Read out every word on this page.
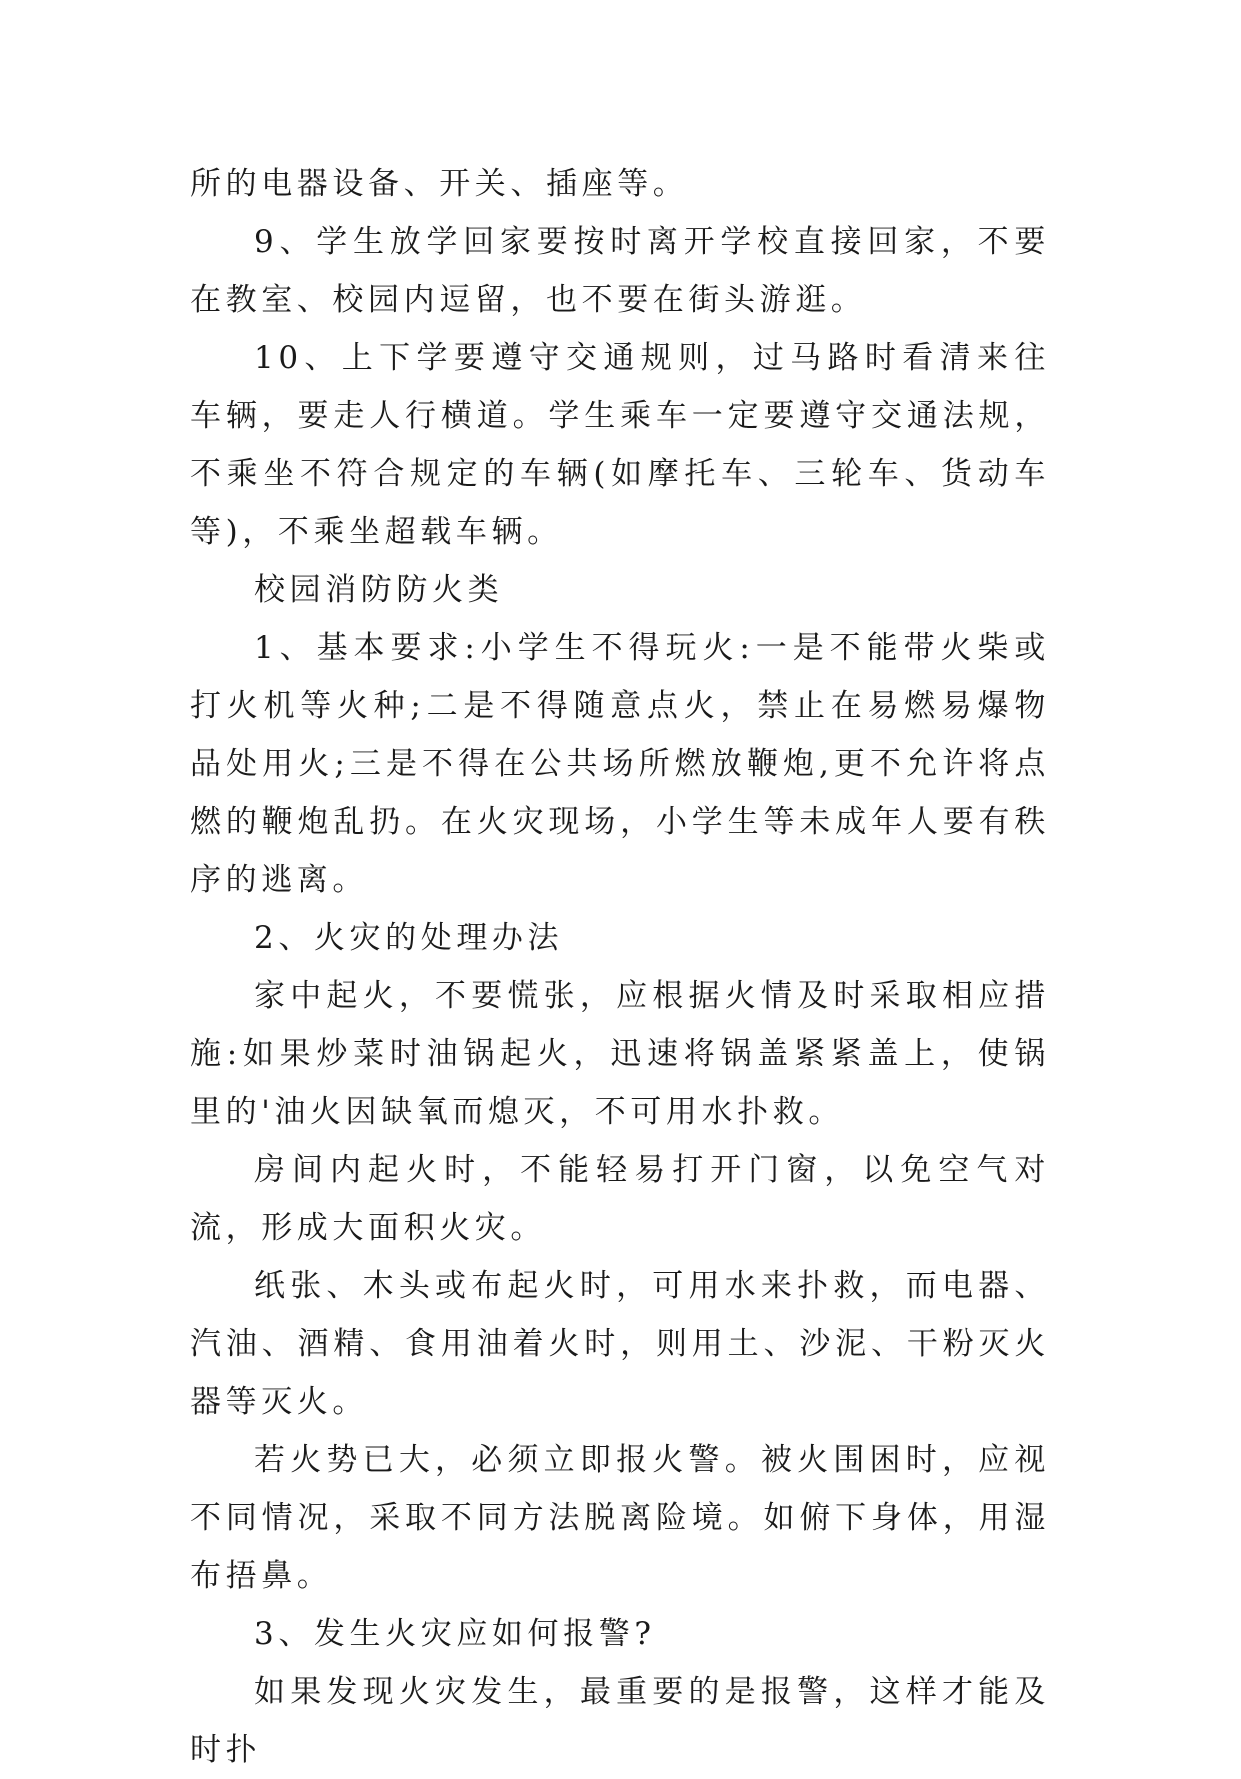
所的电器设备、开关、插座等。

9、学生放学回家要按时离开学校直接回家，不要在教室、校园内逗留，也不要在街头游逛。

10、上下学要遵守交通规则，过马路时看清来往车辆，要走人行横道。学生乘车一定要遵守交通法规，不乘坐不符合规定的车辆(如摩托车、三轮车、货动车等)，不乘坐超载车辆。

校园消防防火类

1、基本要求:小学生不得玩火:一是不能带火柴或打火机等火种;二是不得随意点火，禁止在易燃易爆物品处用火;三是不得在公共场所燃放鞭炮,更不允许将点燃的鞭炮乱扔。在火灾现场，小学生等未成年人要有秩序的逃离。

2、火灾的处理办法

家中起火，不要慌张，应根据火情及时采取相应措施:如果炒菜时油锅起火，迅速将锅盖紧紧盖上，使锅里的'油火因缺氧而熄灭，不可用水扑救。

房间内起火时，不能轻易打开门窗，以免空气对流，形成大面积火灾。

纸张、木头或布起火时，可用水来扑救，而电器、汽油、酒精、食用油着火时，则用土、沙泥、干粉灭火器等灭火。

若火势已大，必须立即报火警。被火围困时，应视不同情况，采取不同方法脱离险境。如俯下身体，用湿布捂鼻。

3、发生火灾应如何报警?

如果发现火灾发生，最重要的是报警，这样才能及时扑
